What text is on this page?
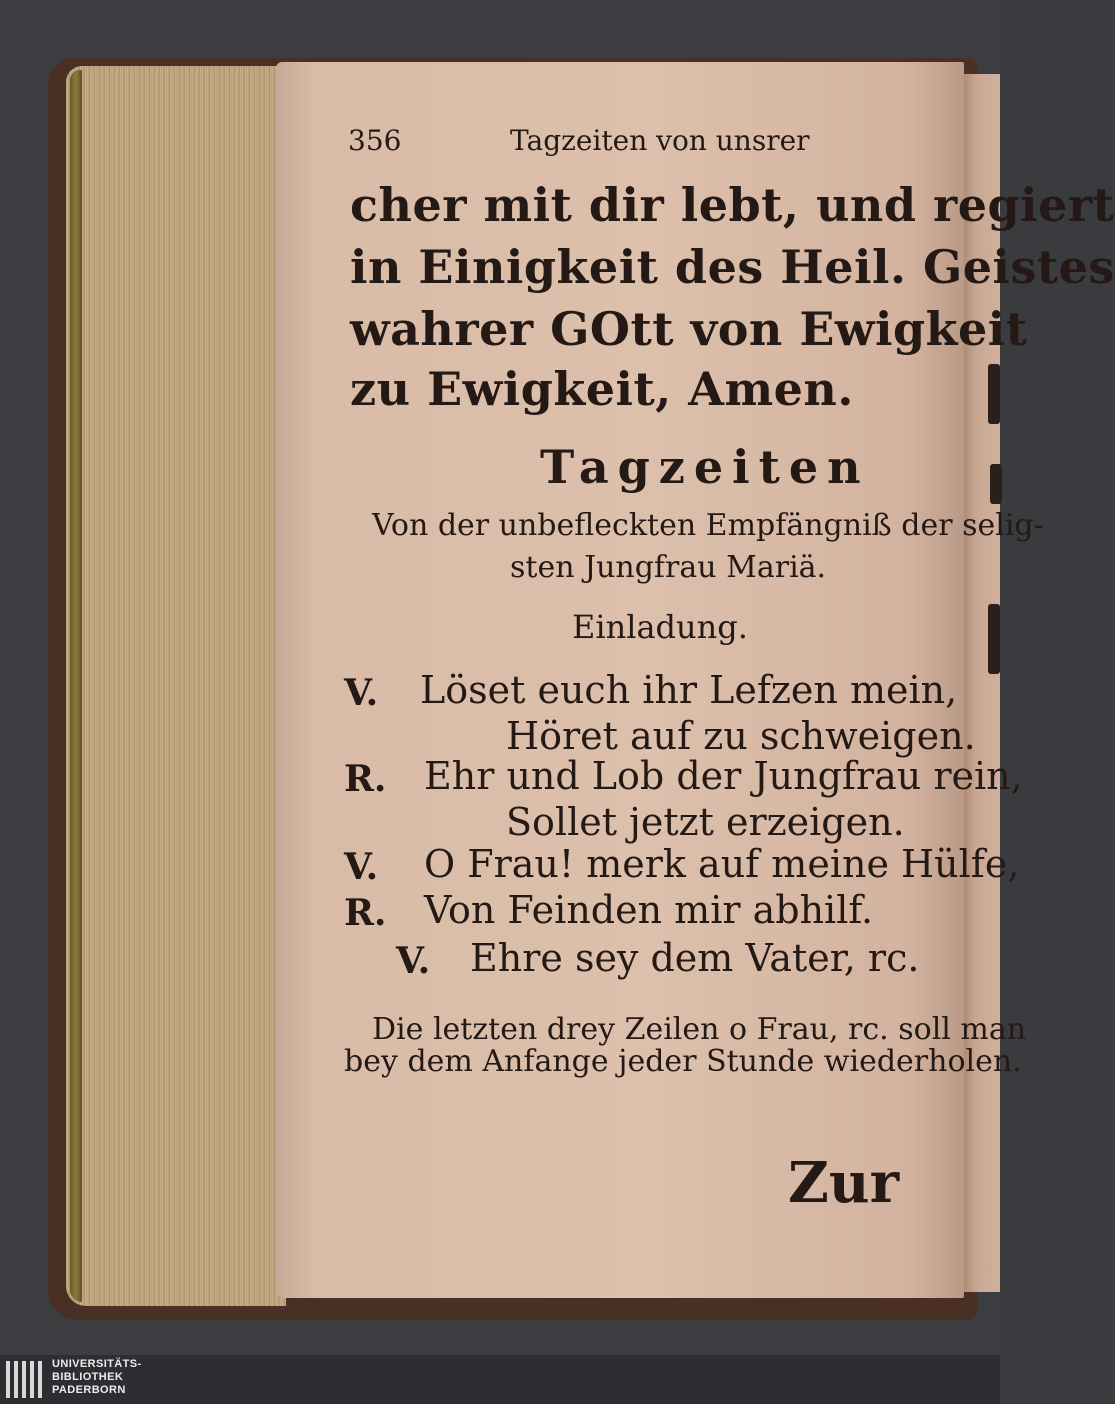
356	Tagzeiten von unsrer
cher mit dir lebt, und regiert
in Einigkeit des Heil. Geistes
wahrer GOtt von Ewigkeit
zu Ewigkeit, Amen.
Tagzeiten
Von der unbefleckten Empfängniß der selig-
sten Jungfrau Mariä.
Einladung.
V. Löset euch ihr Lefzen mein,
Höret auf zu schweigen.
R. Ehr und Lob der Jungfrau rein,
Sollet jetzt erzeigen.
V. O Frau! merk auf meine Hülfe,
R. Von Feinden mir abhilf.
V. Ehre sey dem Vater, rc.
Die letzten drey Zeilen o Frau, rc. soll man
bey dem Anfange jeder Stunde wiederholen.
Zur
UNIVERSITÄTS-
BIBLIOTHEK
PADERBORN
